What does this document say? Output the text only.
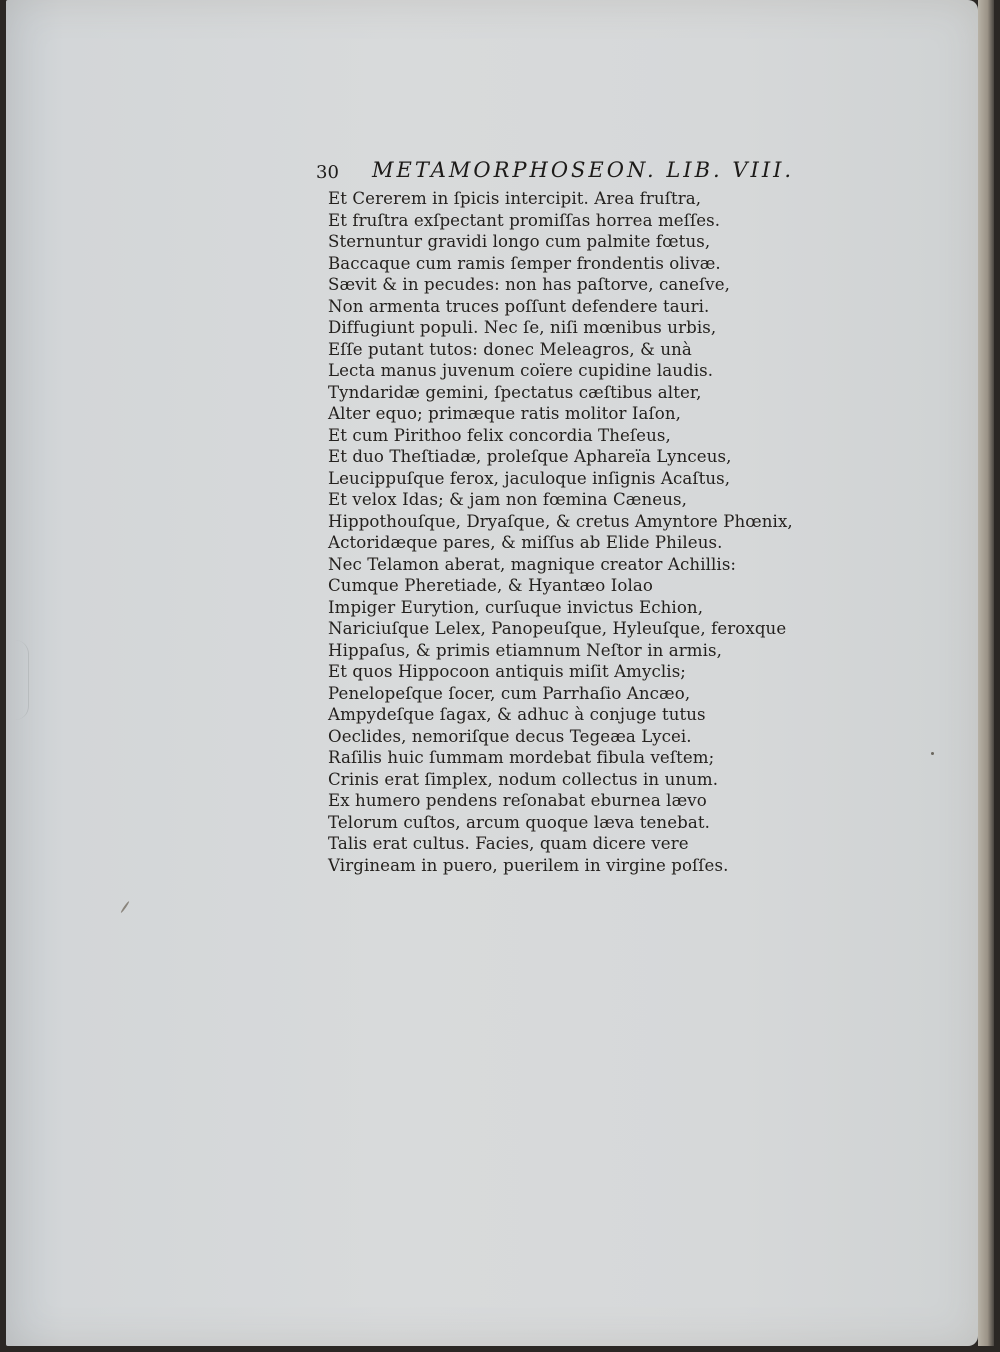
30 METAMORPHOSEON. LIB. VIII.
Et Cererem in ſpicis intercipit. Area fruſtra,
Et fruſtra exſpectant promiſſas horrea meſſes.
Sternuntur gravidi longo cum palmite fœtus,
Baccaque cum ramis ſemper frondentis olivæ.
Sævit & in pecudes: non has paſtorve, caneſve,
Non armenta truces poſſunt defendere tauri.
Diffugiunt populi. Nec ſe, niſi mœnibus urbis,
Eſſe putant tutos: donec Meleagros, & unà
Lecta manus juvenum coïere cupidine laudis.
Tyndaridæ gemini, ſpectatus cæſtibus alter,
Alter equo; primæque ratis molitor Iaſon,
Et cum Pirithoo felix concordia Theſeus,
Et duo Theſtiadæ, proleſque Aphareïa Lynceus,
Leucippuſque ferox, jaculoque inſignis Acaſtus,
Et velox Idas; & jam non fœmina Cæneus,
Hippothouſque, Dryaſque, & cretus Amyntore Phœnix,
Actoridæque pares, & miſſus ab Elide Phileus.
Nec Telamon aberat, magnique creator Achillis:
Cumque Pheretiade, & Hyantæo Iolao
Impiger Eurytion, curſuque invictus Echion,
Nariciuſque Lelex, Panopeuſque, Hyleuſque, feroxque
Hippaſus, & primis etiamnum Neſtor in armis,
Et quos Hippocoon antiquis miſit Amyclis;
Penelopeſque ſocer, cum Parrhaſio Ancæo,
Ampydeſque ſagax, & adhuc à conjuge tutus
Oeclides, nemoriſque decus Tegeæa Lycei.
Raſilis huic ſummam mordebat fibula veſtem;
Crinis erat ſimplex, nodum collectus in unum.
Ex humero pendens reſonabat eburnea lævo
Telorum cuſtos, arcum quoque læva tenebat.
Talis erat cultus. Facies, quam dicere vere
Virgineam in puero, puerilem in virgine poſſes.
